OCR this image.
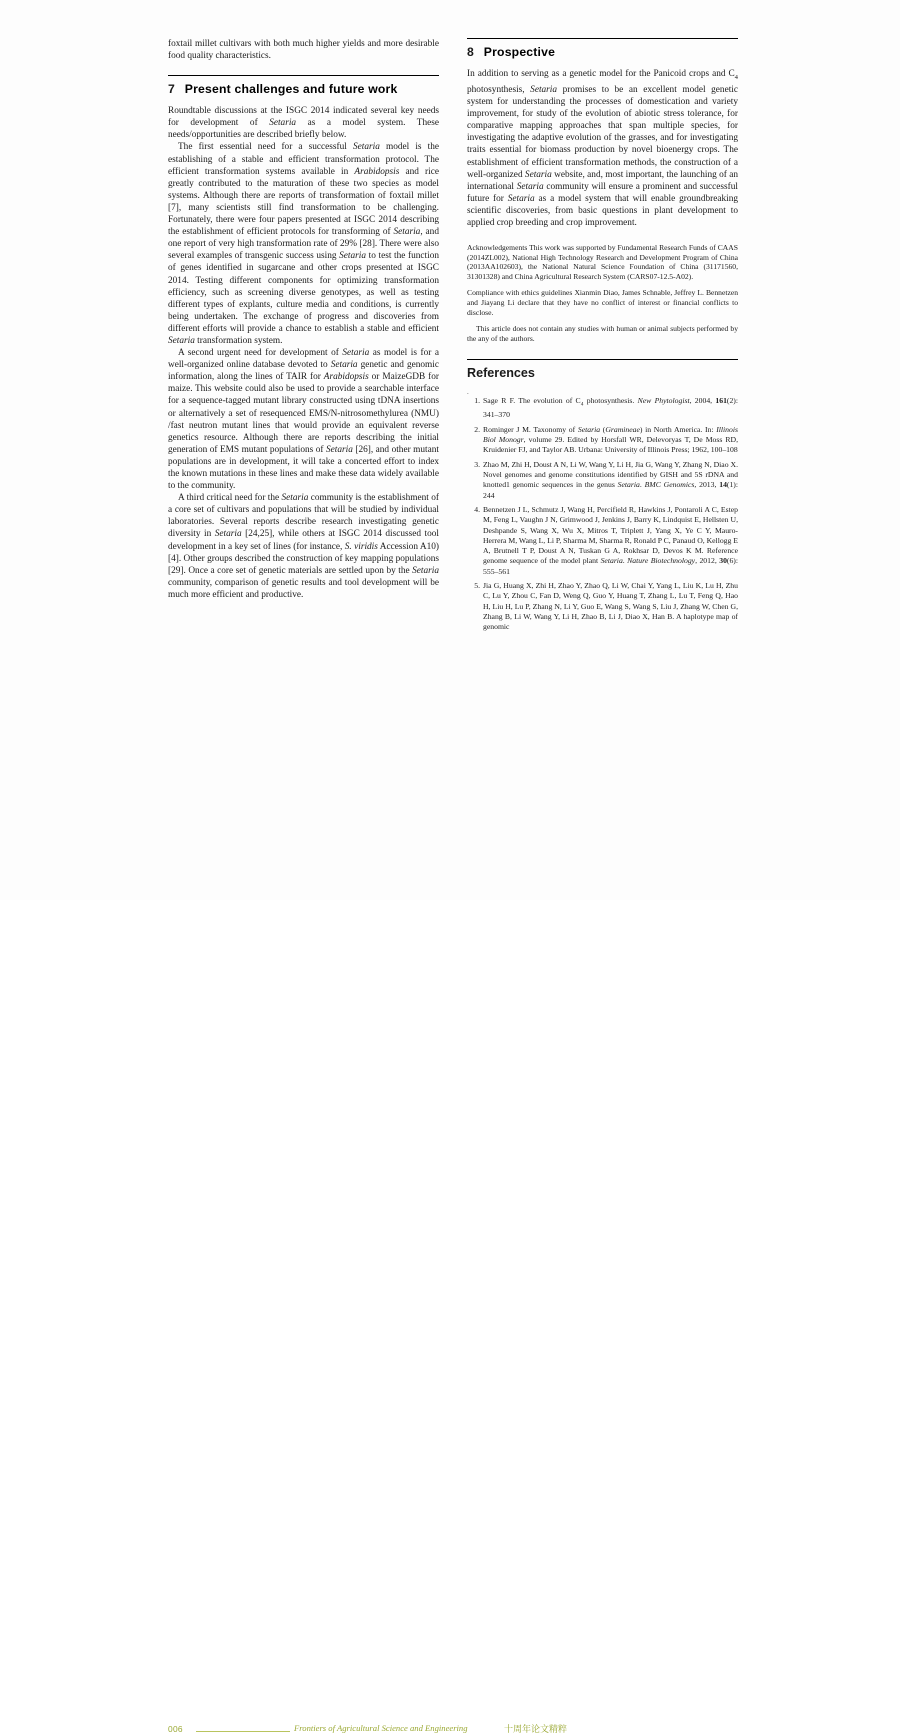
foxtail millet cultivars with both much higher yields and more desirable food quality characteristics.

7 Present challenges and future work

Roundtable discussions at the ISGC 2014 indicated several key needs for development of Setaria as a model system. These needs/opportunities are described briefly below.

The first essential need for a successful Setaria model is the establishing of a stable and efficient transformation protocol. The efficient transformation systems available in Arabidopsis and rice greatly contributed to the maturation of these two species as model systems. Although there are reports of transformation of foxtail millet [7], many scientists still find transformation to be challenging. Fortunately, there were four papers presented at ISGC 2014 describing the establishment of efficient protocols for transforming of Setaria, and one report of very high transformation rate of 29% [28]. There were also several examples of transgenic success using Setaria to test the function of genes identified in sugarcane and other crops presented at ISGC 2014. Testing different components for optimizing transformation efficiency, such as screening diverse genotypes, as well as testing different types of explants, culture media and conditions, is currently being undertaken. The exchange of progress and discoveries from different efforts will provide a chance to establish a stable and efficient Setaria transformation system.

A second urgent need for development of Setaria as model is for a well-organized online database devoted to Setaria genetic and genomic information, along the lines of TAIR for Arabidopsis or MaizeGDB for maize. This website could also be used to provide a searchable interface for a sequence-tagged mutant library constructed using tDNA insertions or alternatively a set of resequenced EMS/N-nitrosomethylurea (NMU) /fast neutron mutant lines that would provide an equivalent reverse genetics resource. Although there are reports describing the initial generation of EMS mutant populations of Setaria [26], and other mutant populations are in development, it will take a concerted effort to index the known mutations in these lines and make these data widely available to the community.

A third critical need for the Setaria community is the establishment of a core set of cultivars and populations that will be studied by individual laboratories. Several reports describe research investigating genetic diversity in Setaria [24,25], while others at ISGC 2014 discussed tool development in a key set of lines (for instance, S. viridis Accession A10) [4]. Other groups described the construction of key mapping populations [29]. Once a core set of genetic materials are settled upon by the Setaria community, comparison of genetic results and tool development will be much more efficient and productive.

8 Prospective

In addition to serving as a genetic model for the Panicoid crops and $C_4$ photosynthesis, Setaria promises to be an excellent model genetic system for understanding the processes of domestication and variety improvement, for study of the evolution of abiotic stress tolerance, for comparative mapping approaches that span multiple species, for investigating the adaptive evolution of the grasses, and for investigating traits essential for biomass production by novel bioenergy crops. The establishment of efficient transformation methods, the construction of a well-organized Setaria website, and, most important, the launching of an international Setaria community will ensure a prominent and successful future for Setaria as a model system that will enable groundbreaking scientific discoveries, from basic questions in plant development to applied crop breeding and crop improvement.

Acknowledgements This work was supported by Fundamental Research Funds of CAAS (2014ZL002), National High Technology Research and Development Program of China (2013AA102603), the National Natural Science Foundation of China (31171560, 31301328) and China Agricultural Research System (CARS07-12.5-A02).

Compliance with ethics guidelines Xianmin Diao, James Schnable, Jeffrey L. Bennetzen and Jiayang Li declare that they have no conflict of interest or financial conflicts to disclose.

This article does not contain any studies with human or animal subjects performed by the any of the authors.

References
.
Sage R F. The evolution of $C_4$ photosynthesis. New Phytologist, 2004, 161(2): 341–370
Rominger J M. Taxonomy of Setaria (Gramineae) in North America. In: Illinois Biol Monogr, volume 29. Edited by Horsfall WR, Delevoryas T, De Moss RD, Kruidenier FJ, and Taylor AB. Urbana: University of Illinois Press; 1962, 100–108
Zhao M, Zhi H, Doust A N, Li W, Wang Y, Li H, Jia G, Wang Y, Zhang N, Diao X. Novel genomes and genome constitutions identified by GISH and 5S rDNA and knotted1 genomic sequences in the genus Setaria. BMC Genomics, 2013, 14(1): 244
Bennetzen J L, Schmutz J, Wang H, Percifield R, Hawkins J, Pontaroli A C, Estep M, Feng L, Vaughn J N, Grimwood J, Jenkins J, Barry K, Lindquist E, Hellsten U, Deshpande S, Wang X, Wu X, Mitros T, Triplett J, Yang X, Ye C Y, Mauro-Herrera M, Wang L, Li P, Sharma M, Sharma R, Ronald P C, Panaud O, Kellogg E A, Brutnell T P, Doust A N, Tuskan G A, Rokhsar D, Devos K M. Reference genome sequence of the model plant Setaria. Nature Biotechnology, 2012, 30(6): 555–561
Jia G, Huang X, Zhi H, Zhao Y, Zhao Q, Li W, Chai Y, Yang L, Liu K, Lu H, Zhu C, Lu Y, Zhou C, Fan D, Weng Q, Guo Y, Huang T, Zhang L, Lu T, Feng Q, Hao H, Liu H, Lu P, Zhang N, Li Y, Guo E, Wang S, Wang S, Liu J, Zhang W, Chen G, Zhang B, Li W, Wang Y, Li H, Zhao B, Li J, Diao X, Han B. A haplotype map of genomic
006	Frontiers of Agricultural Science and Engineering	十周年论文精粹
